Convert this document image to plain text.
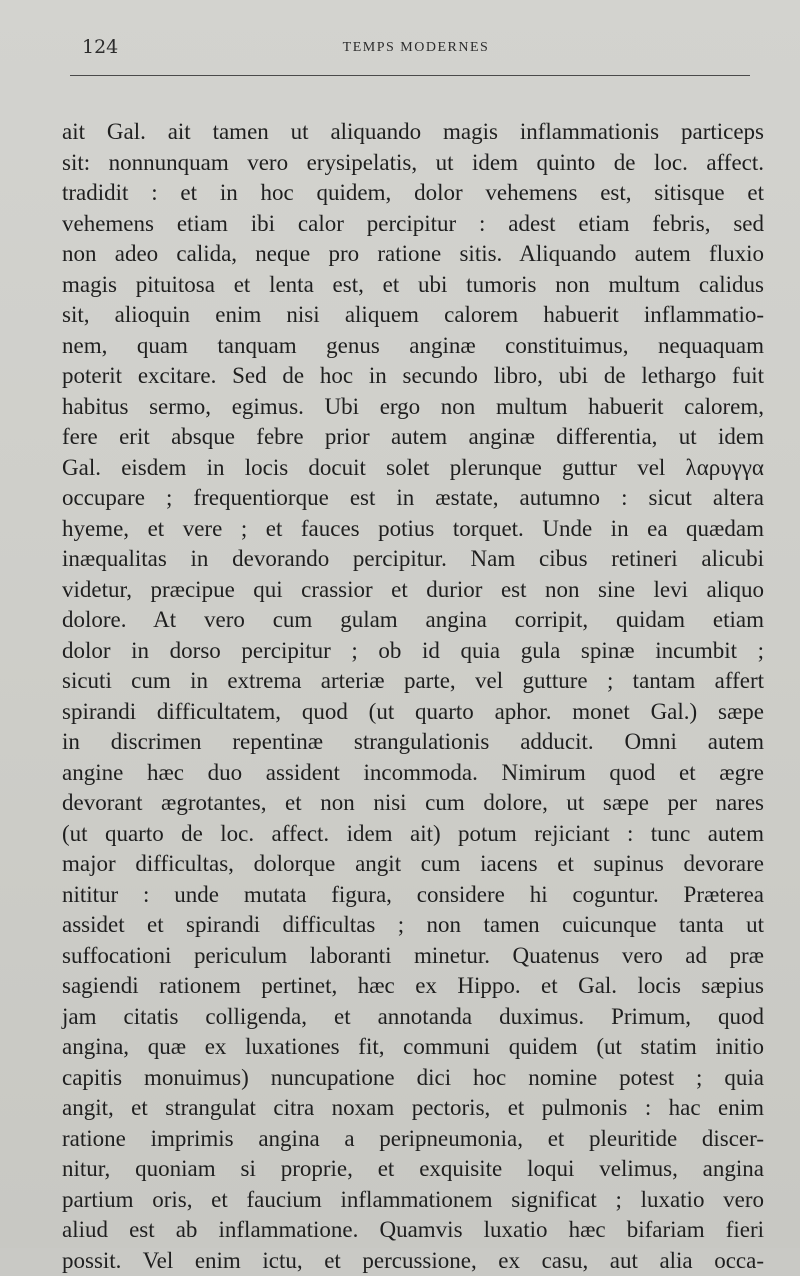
124	TEMPS MODERNES
ait Gal. ait tamen ut aliquando magis inflammationis particeps
sit: nonnunquam vero erysipelatis, ut idem quinto de loc. affect.
tradidit : et in hoc quidem, dolor vehemens est, sitisque et
vehemens etiam ibi calor percipitur : adest etiam febris, sed
non adeo calida, neque pro ratione sitis. Aliquando autem fluxio
magis pituitosa et lenta est, et ubi tumoris non multum calidus
sit, alioquin enim nisi aliquem calorem habuerit inflammatio-
nem, quam tanquam genus anginæ constituimus, nequaquam
poterit excitare. Sed de hoc in secundo libro, ubi de lethargo fuit
habitus sermo, egimus. Ubi ergo non multum habuerit calorem,
fere erit absque febre prior autem anginæ differentia, ut idem
Gal. eisdem in locis docuit solet plerunque guttur vel λαρυγγα
occupare ; frequentiorque est in æstate, autumno : sicut altera
hyeme, et vere ; et fauces potius torquet. Unde in ea quædam
inæqualitas in devorando percipitur. Nam cibus retineri alicubi
videtur, præcipue qui crassior et durior est non sine levi aliquo
dolore. At vero cum gulam angina corripit, quidam etiam
dolor in dorso percipitur ; ob id quia gula spinæ incumbit ;
sicuti cum in extrema arteriæ parte, vel gutture ; tantam affert
spirandi difficultatem, quod (ut quarto aphor. monet Gal.) sæpe
in discrimen repentinæ strangulationis adducit. Omni autem
angine hæc duo assident incommoda. Nimirum quod et ægre
devorant ægrotantes, et non nisi cum dolore, ut sæpe per nares
(ut quarto de loc. affect. idem ait) potum rejiciant : tunc autem
major difficultas, dolorque angit cum iacens et supinus devorare
nititur : unde mutata figura, considere hi coguntur. Præterea
assidet et spirandi difficultas ; non tamen cuicunque tanta ut
suffocationi periculum laboranti minetur. Quatenus vero ad præ
sagiendi rationem pertinet, hæc ex Hippo. et Gal. locis sæpius
jam citatis colligenda, et annotanda duximus. Primum, quod
angina, quæ ex luxationes fit, communi quidem (ut statim initio
capitis monuimus) nuncupatione dici hoc nomine potest ; quia
angit, et strangulat citra noxam pectoris, et pulmonis : hac enim
ratione imprimis angina a peripneumonia, et pleuritide discer-
nitur, quoniam si proprie, et exquisite loqui velimus, angina
partium oris, et faucium inflammationem significat ; luxatio vero
aliud est ab inflammatione. Quamvis luxatio hæc bifariam fieri
possit. Vel enim ictu, et percussione, ex casu, aut alia occa-
